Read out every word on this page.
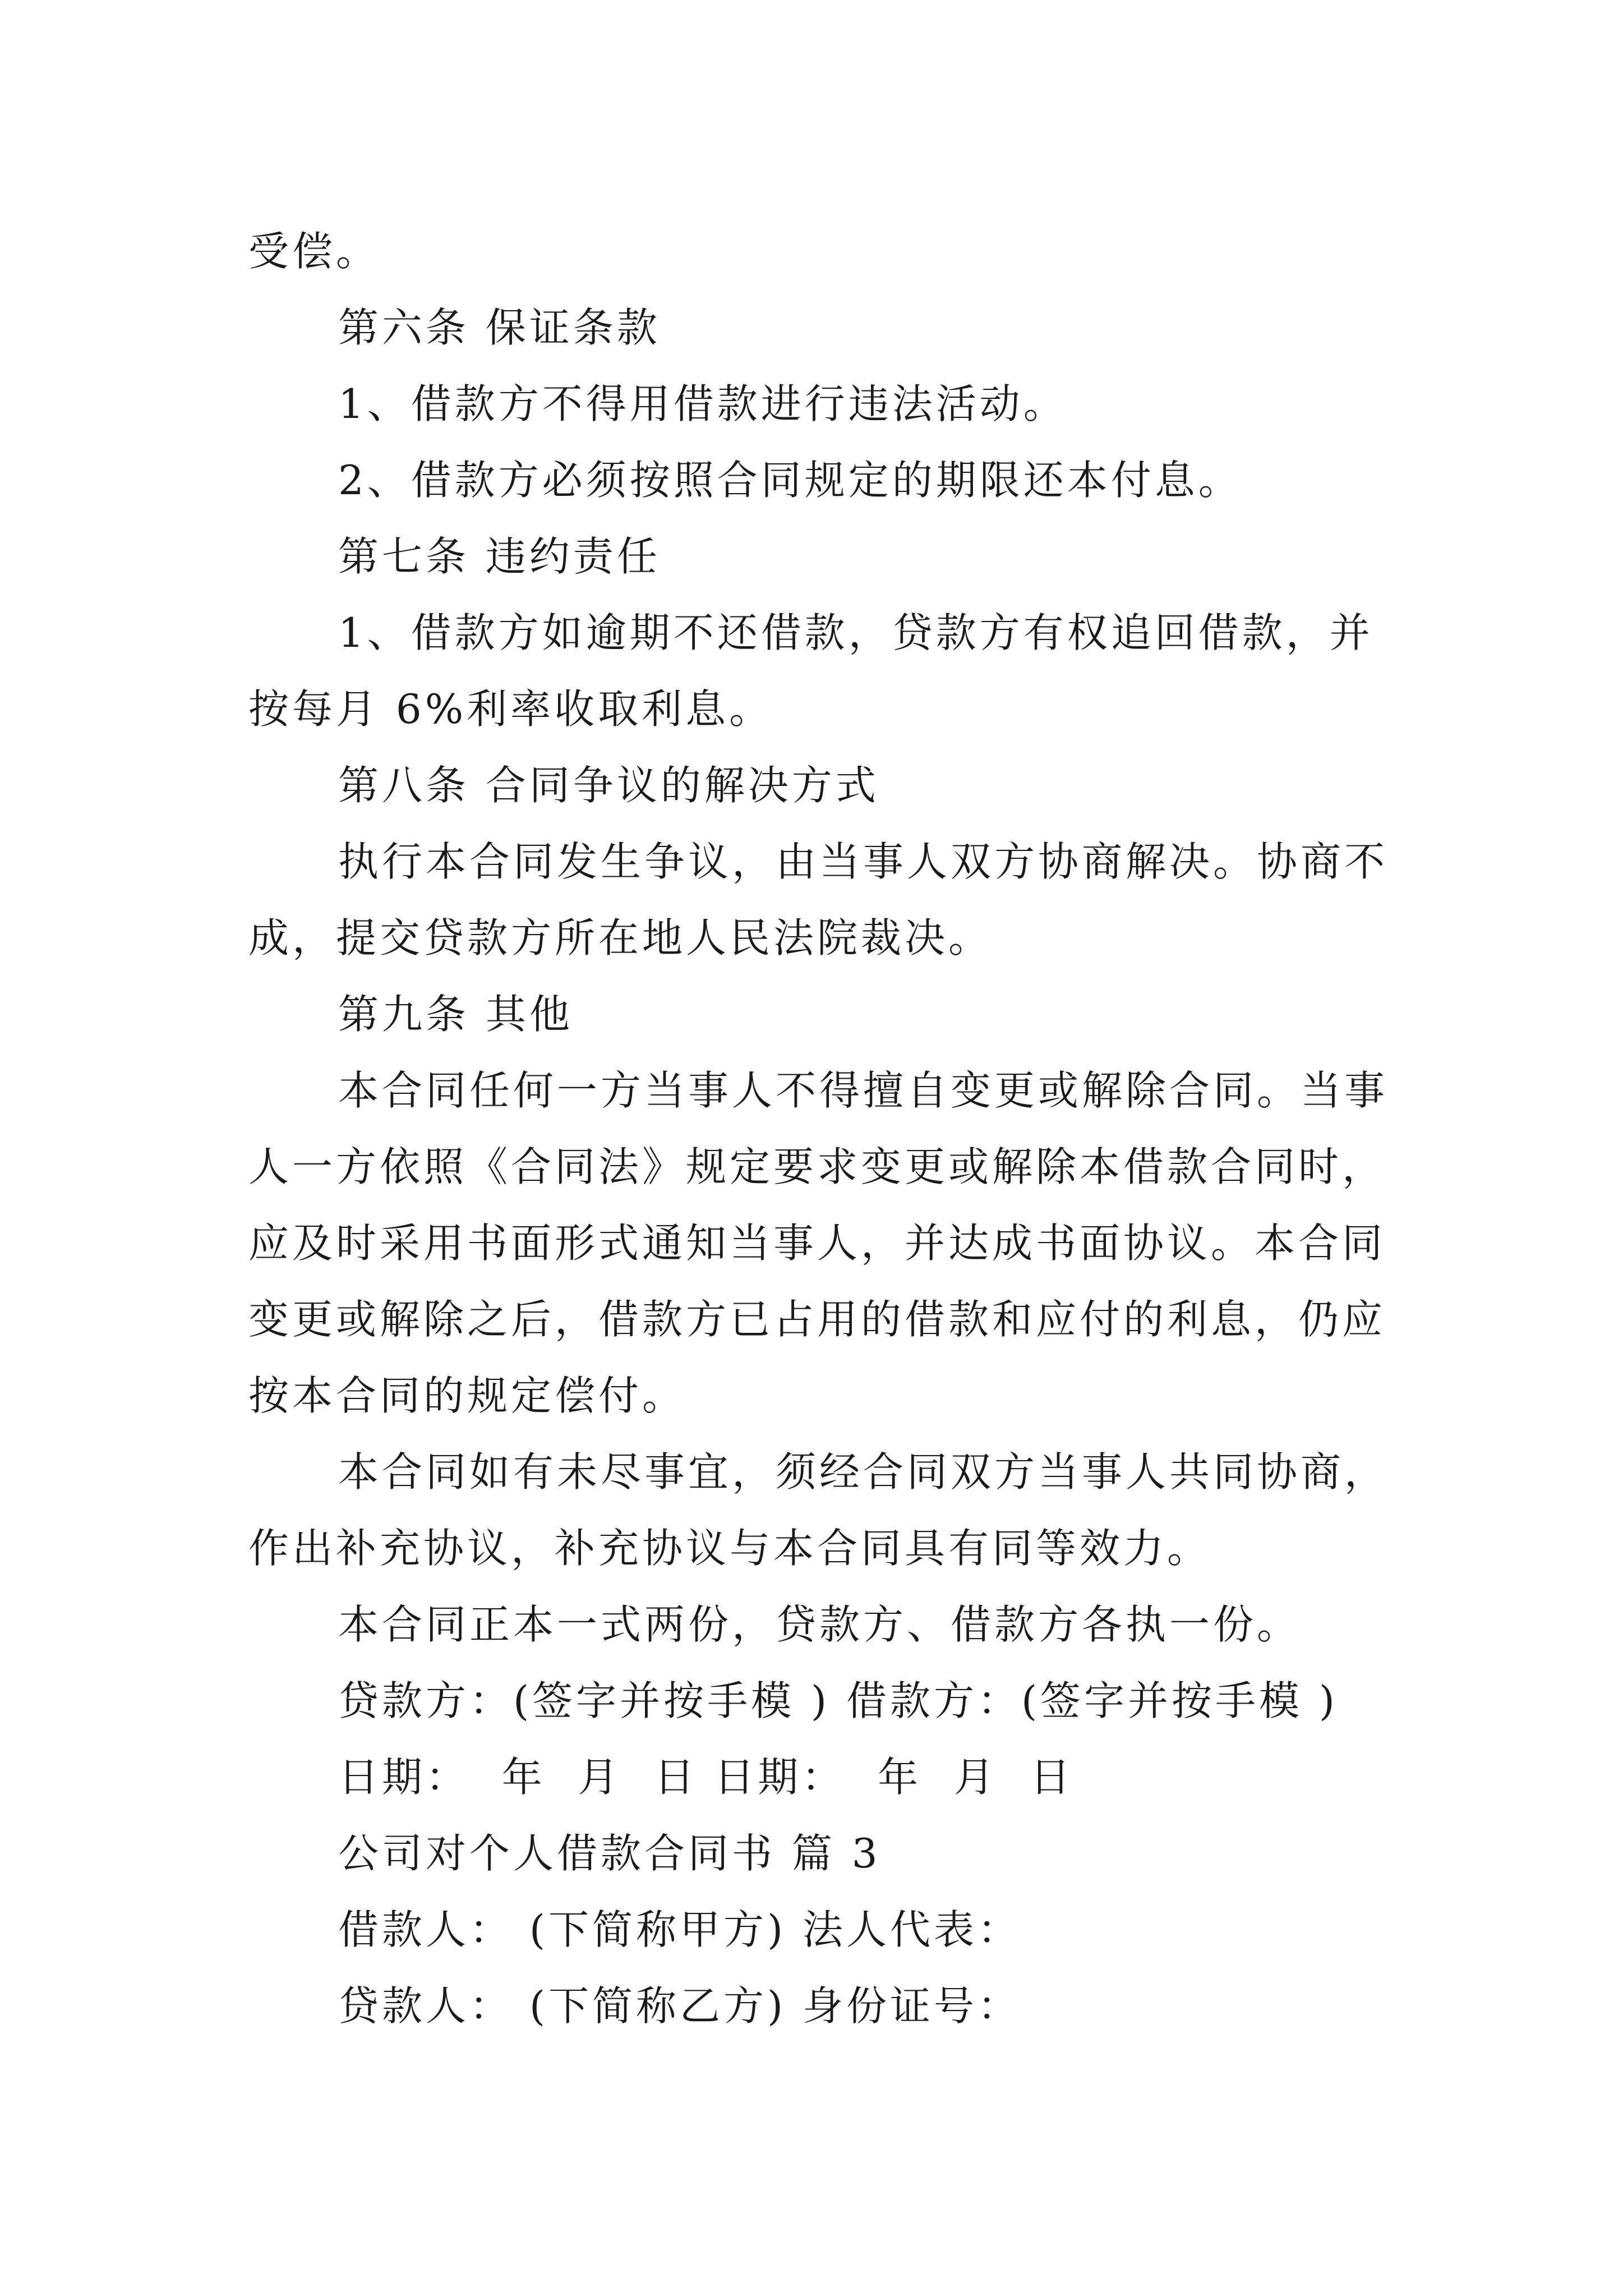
受偿。
第六条 保证条款
1、借款方不得用借款进行违法活动。
2、借款方必须按照合同规定的期限还本付息。
第七条 违约责任
1、借款方如逾期不还借款，贷款方有权追回借款，并
按每月 6%利率收取利息。
第八条 合同争议的解决方式
执行本合同发生争议，由当事人双方协商解决。协商不
成，提交贷款方所在地人民法院裁决。
第九条 其他
本合同任何一方当事人不得擅自变更或解除合同。当事
人一方依照《合同法》规定要求变更或解除本借款合同时，
应及时采用书面形式通知当事人，并达成书面协议。本合同
变更或解除之后，借款方已占用的借款和应付的利息，仍应
按本合同的规定偿付。
本合同如有未尽事宜，须经合同双方当事人共同协商，
作出补充协议，补充协议与本合同具有同等效力。
本合同正本一式两份，贷款方、借款方各执一份。
贷款方：(签字并按手模 ) 借款方：(签字并按手模 )
日期：  年  月  日 日期：  年  月  日
公司对个人借款合同书 篇 3
借款人： (下简称甲方) 法人代表：
贷款人： (下简称乙方) 身份证号：
